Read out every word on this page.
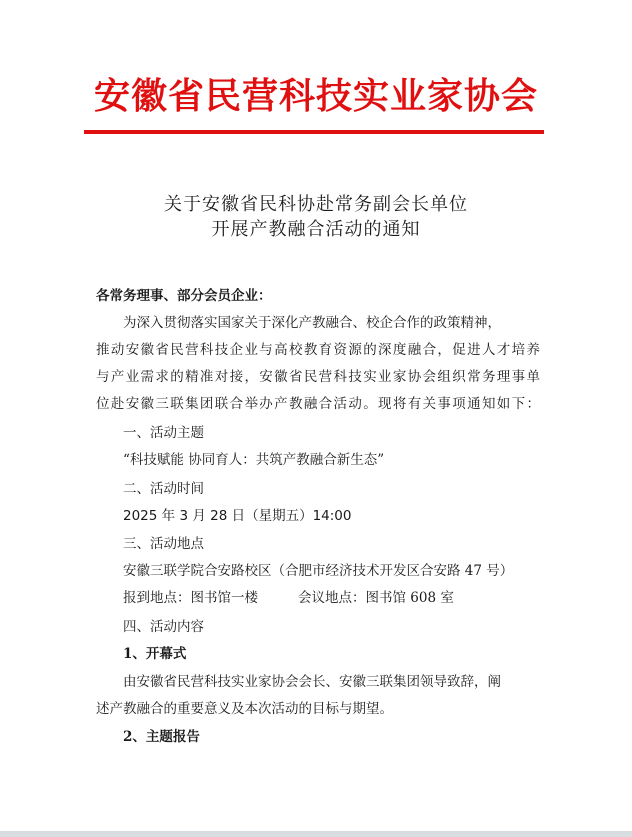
安徽省民营科技实业家协会
关于安徽省民科协赴常务副会长单位
开展产教融合活动的通知
各常务理事、部分会员企业：
为深入贯彻落实国家关于深化产教融合、校企合作的政策精神，
推动安徽省民营科技企业与高校教育资源的深度融合，促进人才培养
与产业需求的精准对接，安徽省民营科技实业家协会组织常务理事单
位赴安徽三联集团联合举办产教融合活动。现将有关事项通知如下：
一、活动主题
“科技赋能 协同育人：共筑产教融合新生态”
二、活动时间
2025 年 3 月 28 日（星期五）14:00
三、活动地点
安徽三联学院合安路校区（合肥市经济技术开发区合安路 47 号）
报到地点：图书馆一楼	会议地点：图书馆 608 室
四、活动内容
1、开幕式
由安徽省民营科技实业家协会会长、安徽三联集团领导致辞，阐
述产教融合的重要意义及本次活动的目标与期望。
2、主题报告
